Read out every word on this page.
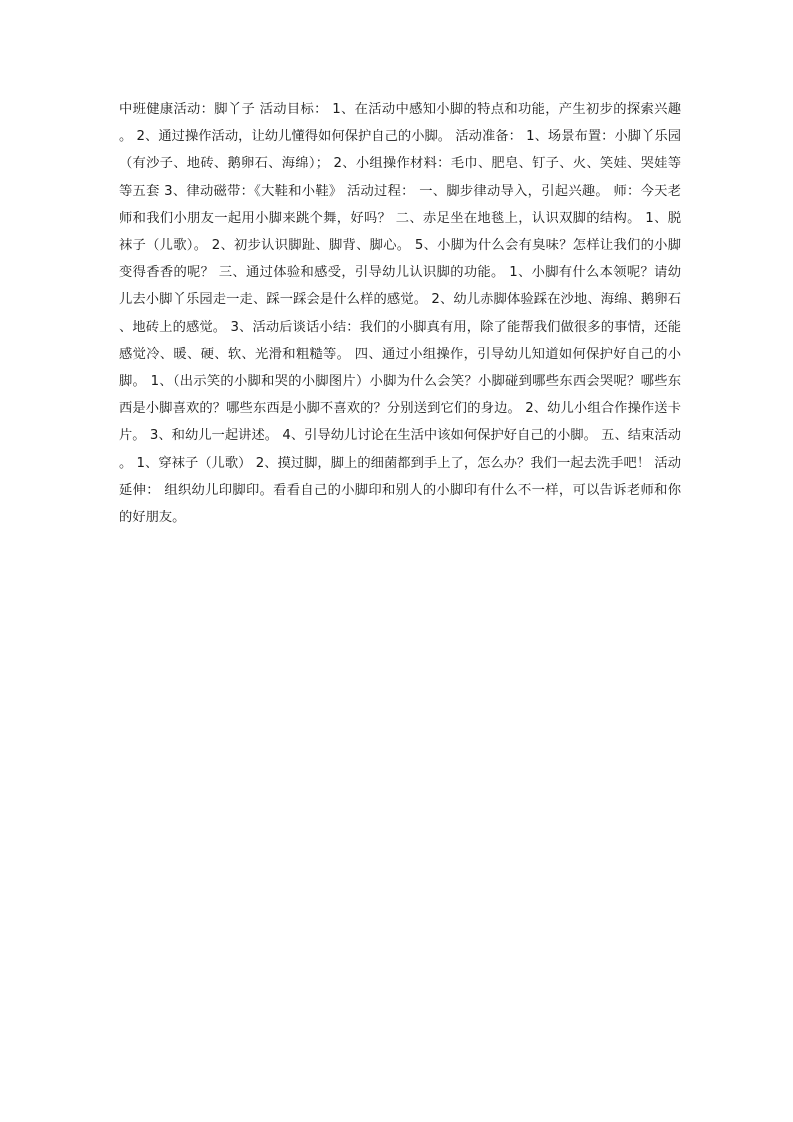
中班健康活动：脚丫子 活动目标： 1、在活动中感知小脚的特点和功能，产生初步的探索兴趣。 2、通过操作活动，让幼儿懂得如何保护自己的小脚。 活动准备： 1、场景布置：小脚丫乐园（有沙子、地砖、鹅卵石、海绵）； 2、小组操作材料：毛巾、肥皂、钉子、火、笑娃、哭娃等等五套 3、律动磁带：《大鞋和小鞋》 活动过程： 一、脚步律动导入，引起兴趣。 师：今天老师和我们小朋友一起用小脚来跳个舞，好吗？ 二、赤足坐在地毯上，认识双脚的结构。 1、脱袜子（儿歌）。 2、初步认识脚趾、脚背、脚心。 5、小脚为什么会有臭味？怎样让我们的小脚变得香香的呢？ 三、通过体验和感受，引导幼儿认识脚的功能。 1、小脚有什么本领呢？请幼儿去小脚丫乐园走一走、踩一踩会是什么样的感觉。 2、幼儿赤脚体验踩在沙地、海绵、鹅卵石、地砖上的感觉。 3、活动后谈话小结：我们的小脚真有用，除了能帮我们做很多的事情，还能感觉冷、暖、硬、软、光滑和粗糙等。 四、通过小组操作，引导幼儿知道如何保护好自己的小脚。 1、（出示笑的小脚和哭的小脚图片）小脚为什么会笑？小脚碰到哪些东西会哭呢？哪些东西是小脚喜欢的？哪些东西是小脚不喜欢的？分别送到它们的身边。 2、幼儿小组合作操作送卡片。 3、和幼儿一起讲述。 4、引导幼儿讨论在生活中该如何保护好自己的小脚。 五、结束活动。 1、穿袜子（儿歌） 2、摸过脚，脚上的细菌都到手上了，怎么办？我们一起去洗手吧！ 活动延伸： 组织幼儿印脚印。看看自己的小脚印和别人的小脚印有什么不一样，可以告诉老师和你的好朋友。
